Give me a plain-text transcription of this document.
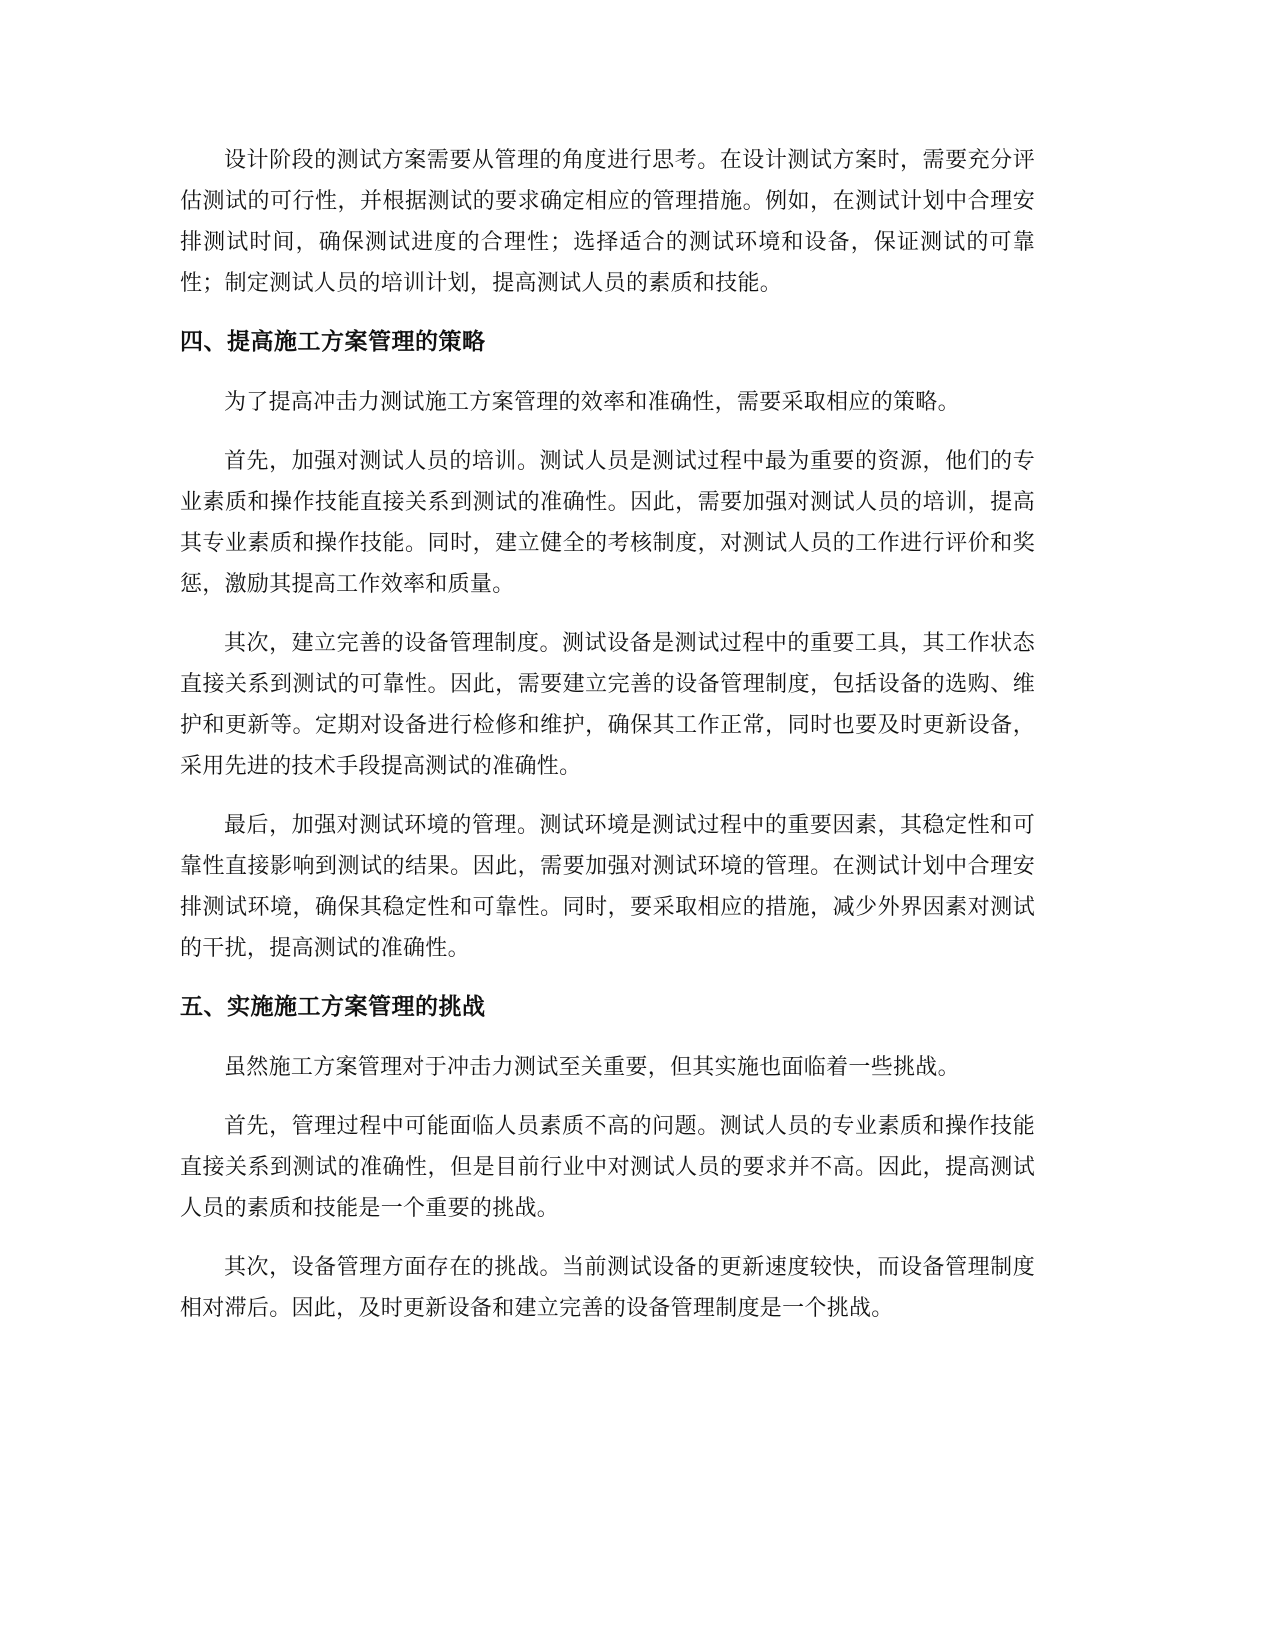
设计阶段的测试方案需要从管理的角度进行思考。在设计测试方案时，需要充分评估测试的可行性，并根据测试的要求确定相应的管理措施。例如，在测试计划中合理安排测试时间，确保测试进度的合理性；选择适合的测试环境和设备，保证测试的可靠性；制定测试人员的培训计划，提高测试人员的素质和技能。

四、提高施工方案管理的策略

为了提高冲击力测试施工方案管理的效率和准确性，需要采取相应的策略。

首先，加强对测试人员的培训。测试人员是测试过程中最为重要的资源，他们的专业素质和操作技能直接关系到测试的准确性。因此，需要加强对测试人员的培训，提高其专业素质和操作技能。同时，建立健全的考核制度，对测试人员的工作进行评价和奖惩，激励其提高工作效率和质量。

其次，建立完善的设备管理制度。测试设备是测试过程中的重要工具，其工作状态直接关系到测试的可靠性。因此，需要建立完善的设备管理制度，包括设备的选购、维护和更新等。定期对设备进行检修和维护，确保其工作正常，同时也要及时更新设备，采用先进的技术手段提高测试的准确性。

最后，加强对测试环境的管理。测试环境是测试过程中的重要因素，其稳定性和可靠性直接影响到测试的结果。因此，需要加强对测试环境的管理。在测试计划中合理安排测试环境，确保其稳定性和可靠性。同时，要采取相应的措施，减少外界因素对测试的干扰，提高测试的准确性。

五、实施施工方案管理的挑战

虽然施工方案管理对于冲击力测试至关重要，但其实施也面临着一些挑战。

首先，管理过程中可能面临人员素质不高的问题。测试人员的专业素质和操作技能直接关系到测试的准确性，但是目前行业中对测试人员的要求并不高。因此，提高测试人员的素质和技能是一个重要的挑战。

其次，设备管理方面存在的挑战。当前测试设备的更新速度较快，而设备管理制度相对滞后。因此，及时更新设备和建立完善的设备管理制度是一个挑战。
